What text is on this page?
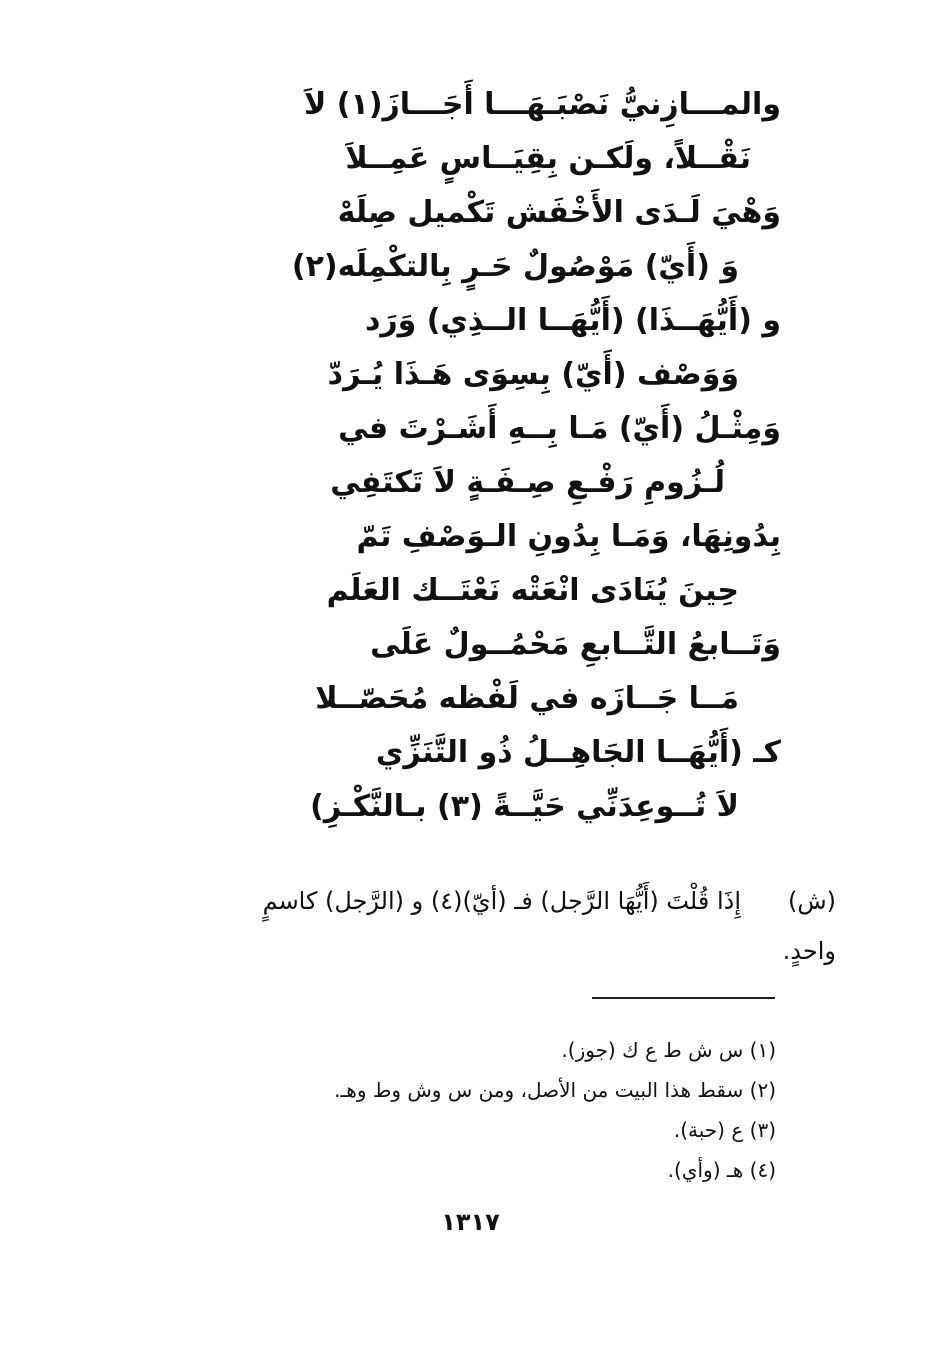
والمـــازِنيُّ نَصْبَـهَـــا أَجَـــازَ(١) لاَ
نَقْــلاً، ولَكـن بِقِيَــاسٍ عَمِــلاَ
وَهْيَ لَـدَى الأَخْفَش تَكْميل صِلَهْ
وَ (أَيّ) مَوْصُولٌ حَـرٍ بِالتكْمِلَه(٢)
و (أَيُّهَــذَا) (أَيُّهَــا الــذِي) وَرَد
وَوَصْف (أَيّ) بِسِوَى هَـذَا يُـرَدّ
وَمِثْـلُ (أَيّ) مَـا بِــهِ أَشَـرْتَ في
لُـزُومِ رَفْـعِ صِـفَـةٍ لاَ تَكتَفِي
بِدُونِهَا، وَمَـا بِدُونِ الـوَصْفِ تَمّ
حِينَ يُنَادَى انْعَتْه نَعْتَــك العَلَم
وَتَــابعُ التَّــابعِ مَحْمُــولٌ عَلَى
مَــا جَــازَه في لَفْظه مُحَصّــلا
كـ (أَيُّهَــا الجَاهِــلُ ذُو التَّنَزِّي
لاَ تُــوعِدَنِّي حَيَّــةً (٣) بـالنَّكْـزِ)
(ش)إِذَا قُلْتَ (أَيُّهَا الرَّجل) فـ (أيّ)(٤) و (الرَّجل) كاسمٍ
واحدٍ.
(١) س ش ط ع ك (جوز).
(٢) سقط هذا البيت من الأصل، ومن س وش وط وهـ.
(٣) ع (حبة).
(٤) هـ (وأي).
١٣١٧
